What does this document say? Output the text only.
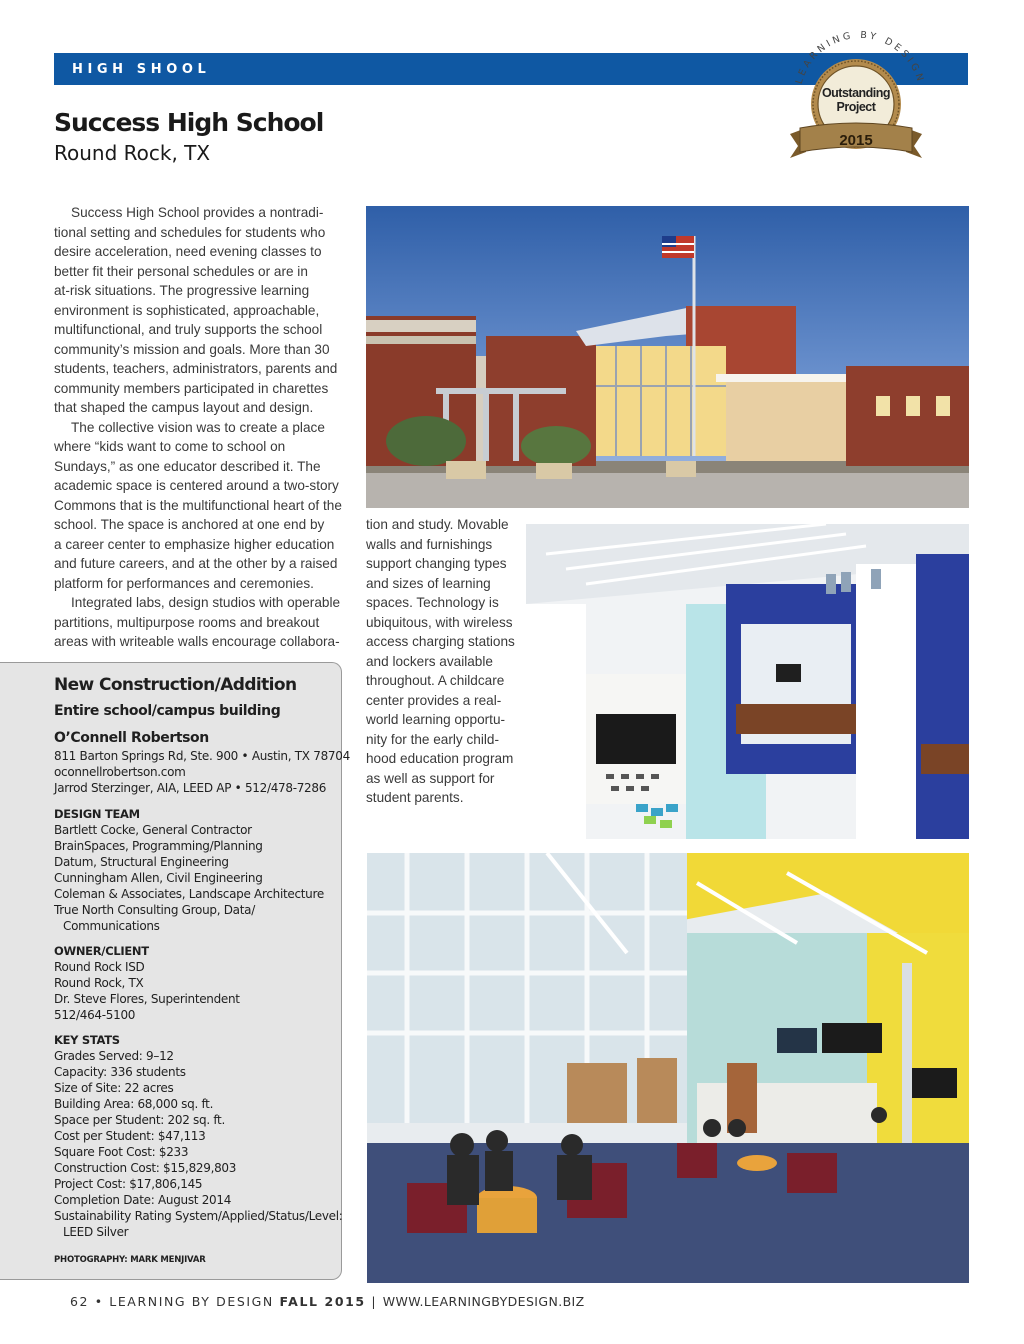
HIGH SHOOL
LEARNING BY DESIGN
Outstanding
Project
2015
Success High School
Round Rock, TX

Success High School provides a nontradi-
tional setting and schedules for students who
desire acceleration, need evening classes to
better fit their personal schedules or are in
at-risk situations. The progressive learning
environment is sophisticated, approachable,
multifunctional, and truly supports the school
community’s mission and goals. More than 30
students, teachers, administrators, parents and
community members participated in charettes
that shaped the campus layout and design.

The collective vision was to create a place
where “kids want to come to school on
Sundays,” as one educator described it. The
academic space is centered around a two-story
Commons that is the multifunctional heart of the
school. The space is anchored at one end by
a career center to emphasize higher education
and future careers, and at the other by a raised
platform for performances and ceremonies.

Integrated labs, design studios with operable
partitions, multipurpose rooms and breakout
areas with writeable walls encourage collabora-

tion and study. Movable
walls and furnishings
support changing types
and sizes of learning
spaces. Technology is
ubiquitous, with wireless
access charging stations
and lockers available
throughout. A childcare
center provides a real-
world learning opportu-
nity for the early child-
hood education program
as well as support for
student parents.

New Construction/Addition
Entire school/campus building
O’Connell Robertson
811 Barton Springs Rd, Ste. 900 • Austin, TX 78704
oconnellrobertson.com
Jarrod Sterzinger, AIA, LEED AP • 512/478-7286
DESIGN TEAM
Bartlett Cocke, General Contractor
BrainSpaces, Programming/Planning
Datum, Structural Engineering
Cunningham Allen, Civil Engineering
Coleman & Associates, Landscape Architecture
True North Consulting Group, Data/
Communications
OWNER/CLIENT
Round Rock ISD
Round Rock, TX
Dr. Steve Flores, Superintendent
512/464-5100
KEY STATS
Grades Served: 9–12
Capacity: 336 students
Size of Site: 22 acres
Building Area: 68,000 sq. ft.
Space per Student: 202 sq. ft.
Cost per Student: $47,113
Square Foot Cost: $233
Construction Cost: $15,829,803
Project Cost: $17,806,145
Completion Date: August 2014
Sustainability Rating System/Applied/Status/Level:
LEED Silver
PHOTOGRAPHY: MARK MENJIVAR
62 • LEARNING BY DESIGN FALL 2015 | WWW.LEARNINGBYDESIGN.BIZ
